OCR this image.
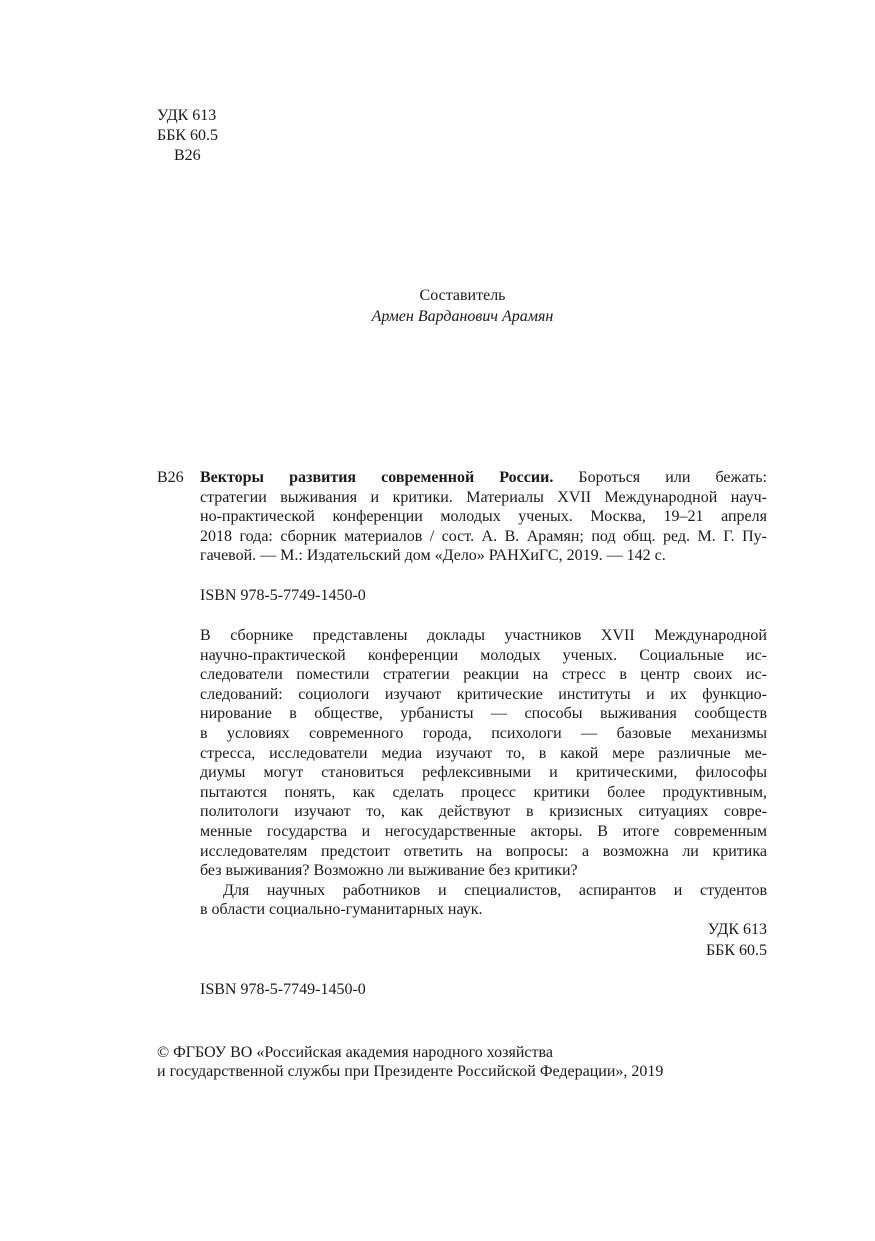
УДК 613
ББК 60.5
В26
Составитель
Армен Варданович Арамян
В26 Векторы развития современной России. Бороться или бежать:
стратегии выживания и критики. Материалы XVII Международной науч-
но-практической конференции молодых ученых. Москва, 19–21 апреля
2018 года: сборник материалов / сост. А. В. Арамян; под общ. ред. М. Г. Пу-
гачевой. — М.: Издательский дом «Дело» РАНХиГС, 2019. — 142 с.
ISBN 978-5-7749-1450-0
В сборнике представлены доклады участников XVII Международной
научно-практической конференции молодых ученых. Социальные ис-
следователи поместили стратегии реакции на стресс в центр своих ис-
следований: социологи изучают критические институты и их функцио-
нирование в обществе, урбанисты — способы выживания сообществ
в условиях современного города, психологи — базовые механизмы
стресса, исследователи медиа изучают то, в какой мере различные ме-
диумы могут становиться рефлексивными и критическими, философы
пытаются понять, как сделать процесс критики более продуктивным,
политологи изучают то, как действуют в кризисных ситуациях совре-
менные государства и негосударственные акторы. В итоге современным
исследователям предстоит ответить на вопросы: а возможна ли критика
без выживания? Возможно ли выживание без критики?
Для научных работников и специалистов, аспирантов и студентов
в области социально-гуманитарных наук.
УДК 613
ББК 60.5
ISBN 978-5-7749-1450-0
© ФГБОУ ВО «Российская академия народного хозяйства
и государственной службы при Президенте Российской Федерации», 2019
